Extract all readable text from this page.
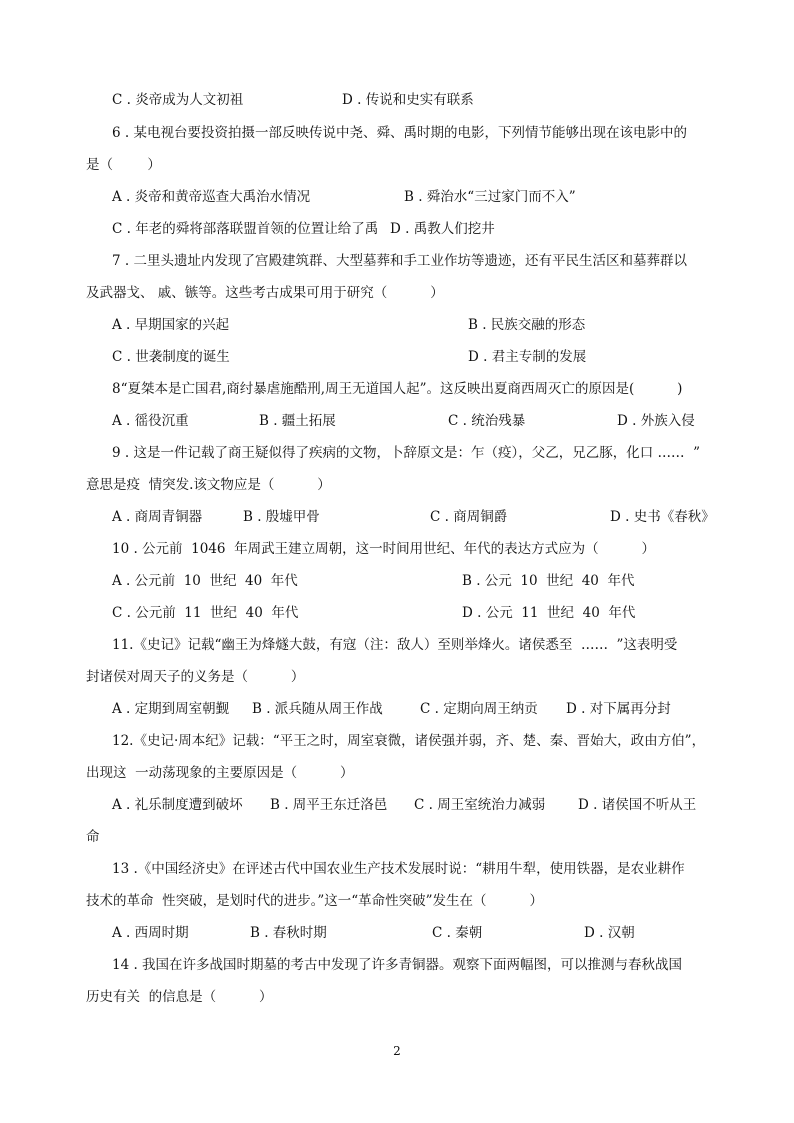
C . 炎帝成为人文初祖	D . 传说和史实有联系
6 . 某电视台要投资拍摄一部反映传说中尧、舜、禹时期的电影，下列情节能够出现在该电影中的
是（        ）
A . 炎帝和黄帝巡查大禹治水情况	B . 舜治水“三过家门而不入”
C . 年老的舜将部落联盟首领的位置让给了禹 D . 禹教人们挖井
7 . 二里头遗址内发现了宫殿建筑群、大型墓葬和手工业作坊等遗迹，还有平民生活区和墓葬群以
及武器戈、 戚、镞等。这些考古成果可用于研究（          ）
A . 早期国家的兴起	B . 民族交融的形态
C . 世袭制度的诞生	D . 君主专制的发展
8“夏桀本是亡国君,商纣暴虐施酷刑,周王无道国人起”。这反映出夏商西周灭亡的原因是(          )
A . 徭役沉重	B . 疆土拓展	C . 统治残暴	D . 外族入侵
9 . 这是一件记载了商王疑似得了疾病的文物，卜辞原文是：乍（疫），父乙，兄乙豚，化口 ……  ”
意思是疫  情突发.该文物应是（          ）
A . 商周青铜器	B . 殷墟甲骨	C . 商周铜爵	D . 史书《春秋》
10 . 公元前  1046  年周武王建立周朝，这一时间用世纪、年代的表达方式应为（          ）
A . 公元前  10  世纪  40  年代	B . 公元  10  世纪  40  年代
C . 公元前  11  世纪  40  年代	D . 公元  11  世纪  40  年代
11.《史记》记载“幽王为烽燧大鼓，有寇（注：敌人）至则举烽火。诸侯悉至  ……  ”这表明受
封诸侯对周天子的义务是（          ）
A . 定期到周室朝觐 B . 派兵随从周王作战	C . 定期向周王纳贡 D . 对下属再分封
12.《史记·周本纪》记载：“平王之时，周室衰微，诸侯强并弱，齐、楚、秦、晋始大，政由方伯”，
出现这  一动荡现象的主要原因是（          ）
A . 礼乐制度遭到破坏 B . 周平王东迁洛邑 C . 周王室统治力减弱 D . 诸侯国不听从王
命
13 .《中国经济史》在评述古代中国农业生产技术发展时说：“耕用牛犁，使用铁器，是农业耕作
技术的革命  性突破，是划时代的进步。”这一“革命性突破”发生在（          ）
A . 西周时期	B . 春秋时期	C . 秦朝	D . 汉朝
14 . 我国在许多战国时期墓的考古中发现了许多青铜器。观察下面两幅图，可以推测与春秋战国
历史有关  的信息是（          ）
2
